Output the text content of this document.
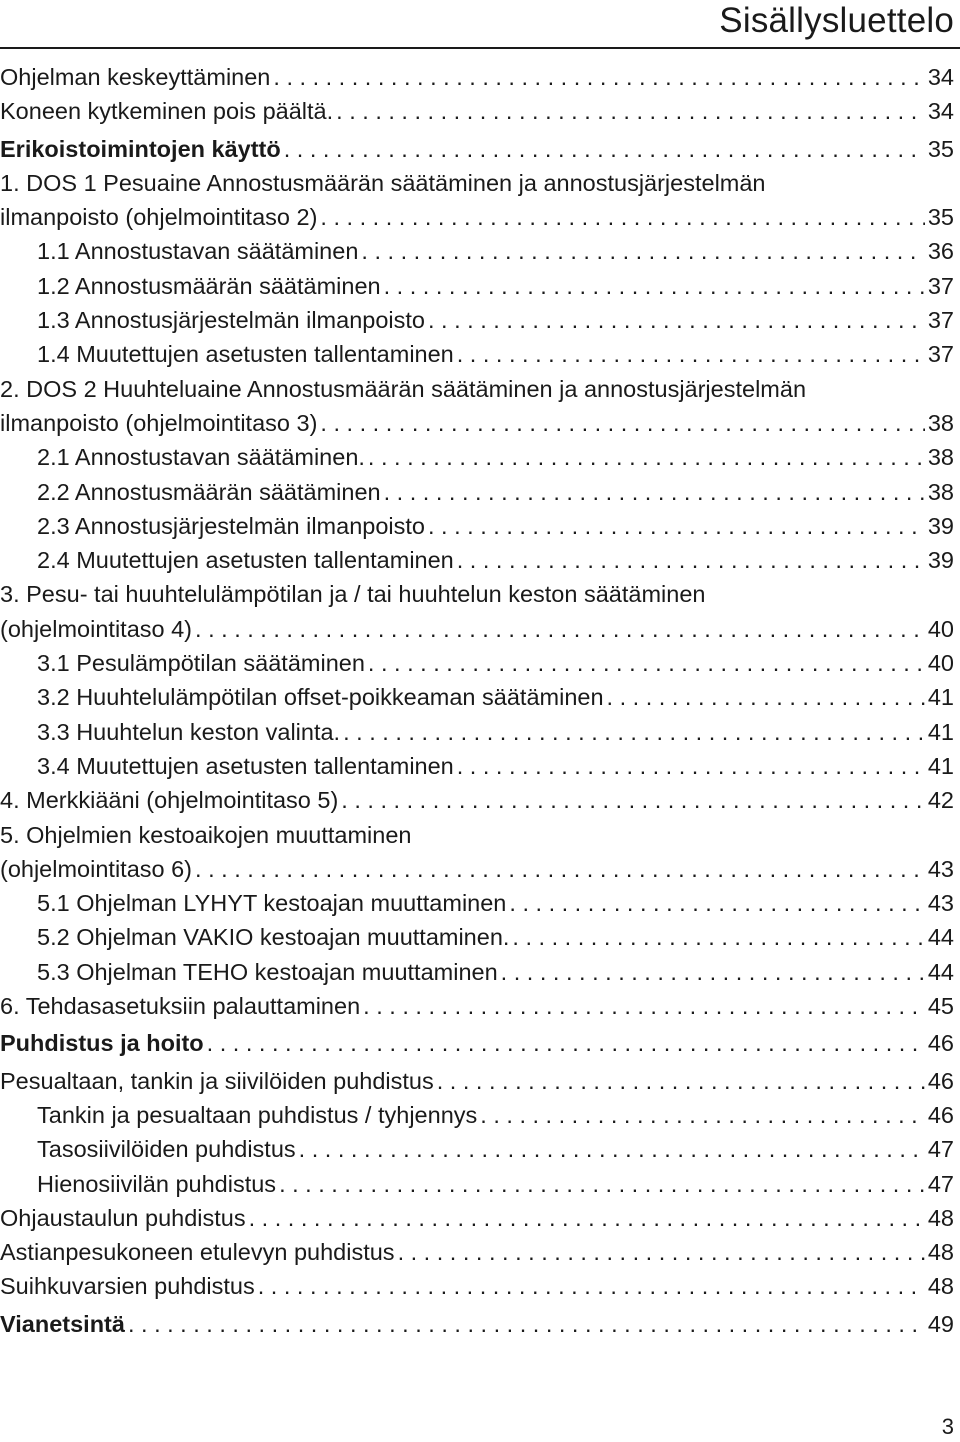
Sisällysluettelo
Ohjelman keskeyttäminen . . .	34
Koneen kytkeminen pois päältä. . . .	34
Erikoistoimintojen käyttö . . .	35
1. DOS 1 Pesuaine Annostusmäärän säätäminen ja annostusjärjestelmän
ilmanpoisto (ohjelmointitaso 2) . . .	35
1.1 Annostustavan säätäminen . . .	36
1.2 Annostusmäärän säätäminen . . .	37
1.3 Annostusjärjestelmän ilmanpoisto . . .	37
1.4 Muutettujen asetusten tallentaminen . . .	37
2. DOS 2 Huuhteluaine Annostusmäärän säätäminen ja annostusjärjestelmän
ilmanpoisto (ohjelmointitaso 3) . . .	38
2.1 Annostustavan säätäminen. . . .	38
2.2 Annostusmäärän säätäminen . . .	38
2.3 Annostusjärjestelmän ilmanpoisto . . .	39
2.4 Muutettujen asetusten tallentaminen . . .	39
3. Pesu- tai huuhtelulämpötilan ja / tai huuhtelun keston säätäminen
(ohjelmointitaso 4) . . .	40
3.1 Pesulämpötilan säätäminen . . .	40
3.2 Huuhtelulämpötilan offset-poikkeaman säätäminen . . .	41
3.3 Huuhtelun keston valinta. . . .	41
3.4 Muutettujen asetusten tallentaminen . . .	41
4. Merkkiääni (ohjelmointitaso 5) . . .	42
5. Ohjelmien kestoaikojen muuttaminen
(ohjelmointitaso 6) . . .	43
5.1 Ohjelman LYHYT kestoajan muuttaminen . . .	43
5.2 Ohjelman VAKIO kestoajan muuttaminen. . . .	44
5.3 Ohjelman TEHO kestoajan muuttaminen . . .	44
6. Tehdasasetuksiin palauttaminen . . .	45
Puhdistus ja hoito . . .	46
Pesualtaan, tankin ja siivilöiden puhdistus . . .	46
Tankin ja pesualtaan puhdistus / tyhjennys . . .	46
Tasosiivilöiden puhdistus . . .	47
Hienosiivilän puhdistus . . .	47
Ohjaustaulun puhdistus . . .	48
Astianpesukoneen etulevyn puhdistus . . .	48
Suihkuvarsien puhdistus . . .	48
Vianetsintä . . .	49
3
